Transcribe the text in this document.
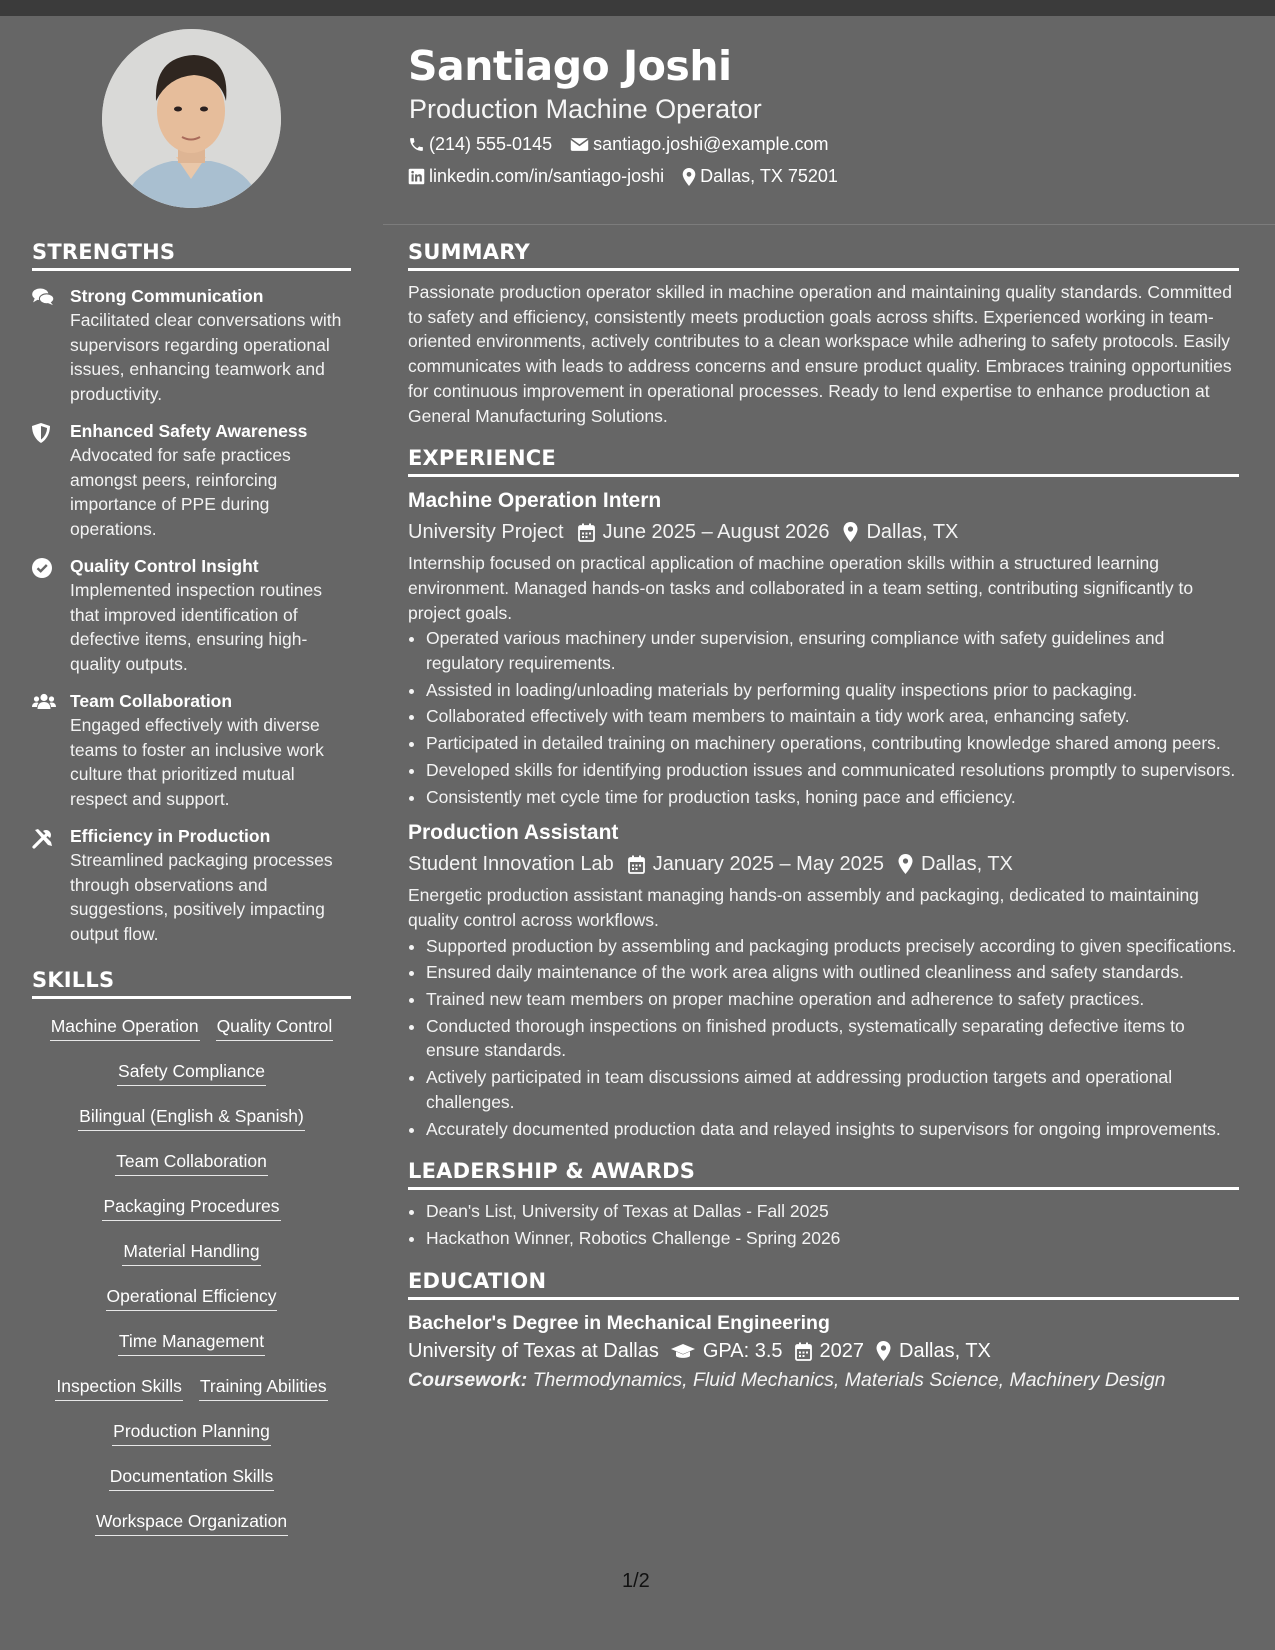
Santiago Joshi
Production Machine Operator
(214) 555-0145 santiago.joshi@example.com
linkedin.com/in/santiago-joshi Dallas, TX 75201
STRENGTHS
Strong Communication
Facilitated clear conversations with supervisors regarding operational issues, enhancing teamwork and productivity.
Enhanced Safety Awareness
Advocated for safe practices amongst peers, reinforcing importance of PPE during operations.
Quality Control Insight
Implemented inspection routines that improved identification of defective items, ensuring high-quality outputs.
Team Collaboration
Engaged effectively with diverse teams to foster an inclusive work culture that prioritized mutual respect and support.
Efficiency in Production
Streamlined packaging processes through observations and suggestions, positively impacting output flow.
SKILLS
Machine Operation Quality Control
Safety Compliance
Bilingual (English & Spanish)
Team Collaboration
Packaging Procedures
Material Handling
Operational Efficiency
Time Management
Inspection Skills Training Abilities
Production Planning
Documentation Skills
Workspace Organization
SUMMARY
Passionate production operator skilled in machine operation and maintaining quality standards. Committed to safety and efficiency, consistently meets production goals across shifts. Experienced working in team-oriented environments, actively contributes to a clean workspace while adhering to safety protocols. Easily communicates with leads to address concerns and ensure product quality. Embraces training opportunities for continuous improvement in operational processes. Ready to lend expertise to enhance production at General Manufacturing Solutions.
EXPERIENCE
Machine Operation Intern
University Project June 2025 – August 2026 Dallas, TX
Internship focused on practical application of machine operation skills within a structured learning environment. Managed hands-on tasks and collaborated in a team setting, contributing significantly to project goals.
• Operated various machinery under supervision, ensuring compliance with safety guidelines and regulatory requirements.
• Assisted in loading/unloading materials by performing quality inspections prior to packaging.
• Collaborated effectively with team members to maintain a tidy work area, enhancing safety.
• Participated in detailed training on machinery operations, contributing knowledge shared among peers.
• Developed skills for identifying production issues and communicated resolutions promptly to supervisors.
• Consistently met cycle time for production tasks, honing pace and efficiency.
Production Assistant
Student Innovation Lab January 2025 – May 2025 Dallas, TX
Energetic production assistant managing hands-on assembly and packaging, dedicated to maintaining quality control across workflows.
• Supported production by assembling and packaging products precisely according to given specifications.
• Ensured daily maintenance of the work area aligns with outlined cleanliness and safety standards.
• Trained new team members on proper machine operation and adherence to safety practices.
• Conducted thorough inspections on finished products, systematically separating defective items to ensure standards.
• Actively participated in team discussions aimed at addressing production targets and operational challenges.
• Accurately documented production data and relayed insights to supervisors for ongoing improvements.
LEADERSHIP & AWARDS
• Dean's List, University of Texas at Dallas - Fall 2025
• Hackathon Winner, Robotics Challenge - Spring 2026
EDUCATION
Bachelor's Degree in Mechanical Engineering
University of Texas at Dallas GPA: 3.5 2027 Dallas, TX
Coursework: Thermodynamics, Fluid Mechanics, Materials Science, Machinery Design
1/2
